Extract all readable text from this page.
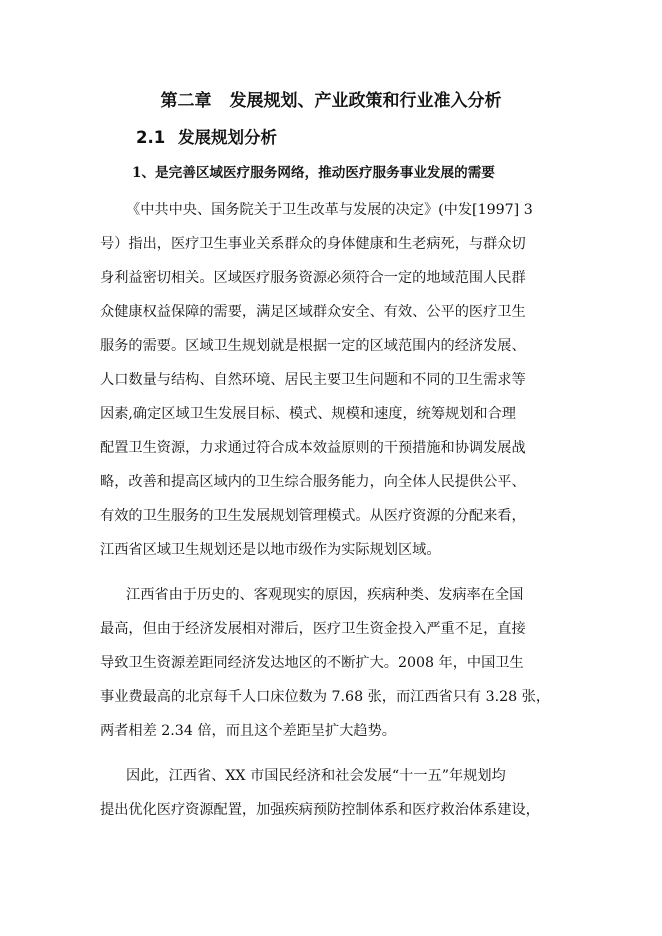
第二章 发展规划、产业政策和行业准入分析
2.1 发展规划分析
1、是完善区域医疗服务网络，推动医疗服务事业发展的需要
《中共中央、国务院关于卫生改革与发展的决定》(中发[1997] 3
号）指出，医疗卫生事业关系群众的身体健康和生老病死，与群众切
身利益密切相关。区域医疗服务资源必须符合一定的地域范围人民群
众健康权益保障的需要，满足区域群众安全、有效、公平的医疗卫生
服务的需要。区域卫生规划就是根据一定的区域范围内的经济发展、
人口数量与结构、自然环境、居民主要卫生问题和不同的卫生需求等
因素,确定区域卫生发展目标、模式、规模和速度，统筹规划和合理
配置卫生资源，力求通过符合成本效益原则的干预措施和协调发展战
略，改善和提高区域内的卫生综合服务能力，向全体人民提供公平、
有效的卫生服务的卫生发展规划管理模式。从医疗资源的分配来看，
江西省区域卫生规划还是以地市级作为实际规划区域。
江西省由于历史的、客观现实的原因，疾病种类、发病率在全国
最高，但由于经济发展相对滞后，医疗卫生资金投入严重不足，直接
导致卫生资源差距同经济发达地区的不断扩大。2008 年，中国卫生
事业费最高的北京每千人口床位数为 7.68 张，而江西省只有 3.28 张，
两者相差 2.34 倍，而且这个差距呈扩大趋势。
因此，江西省、XX 市国民经济和社会发展“十一五”年规划均
提出优化医疗资源配置，加强疾病预防控制体系和医疗救治体系建设，
